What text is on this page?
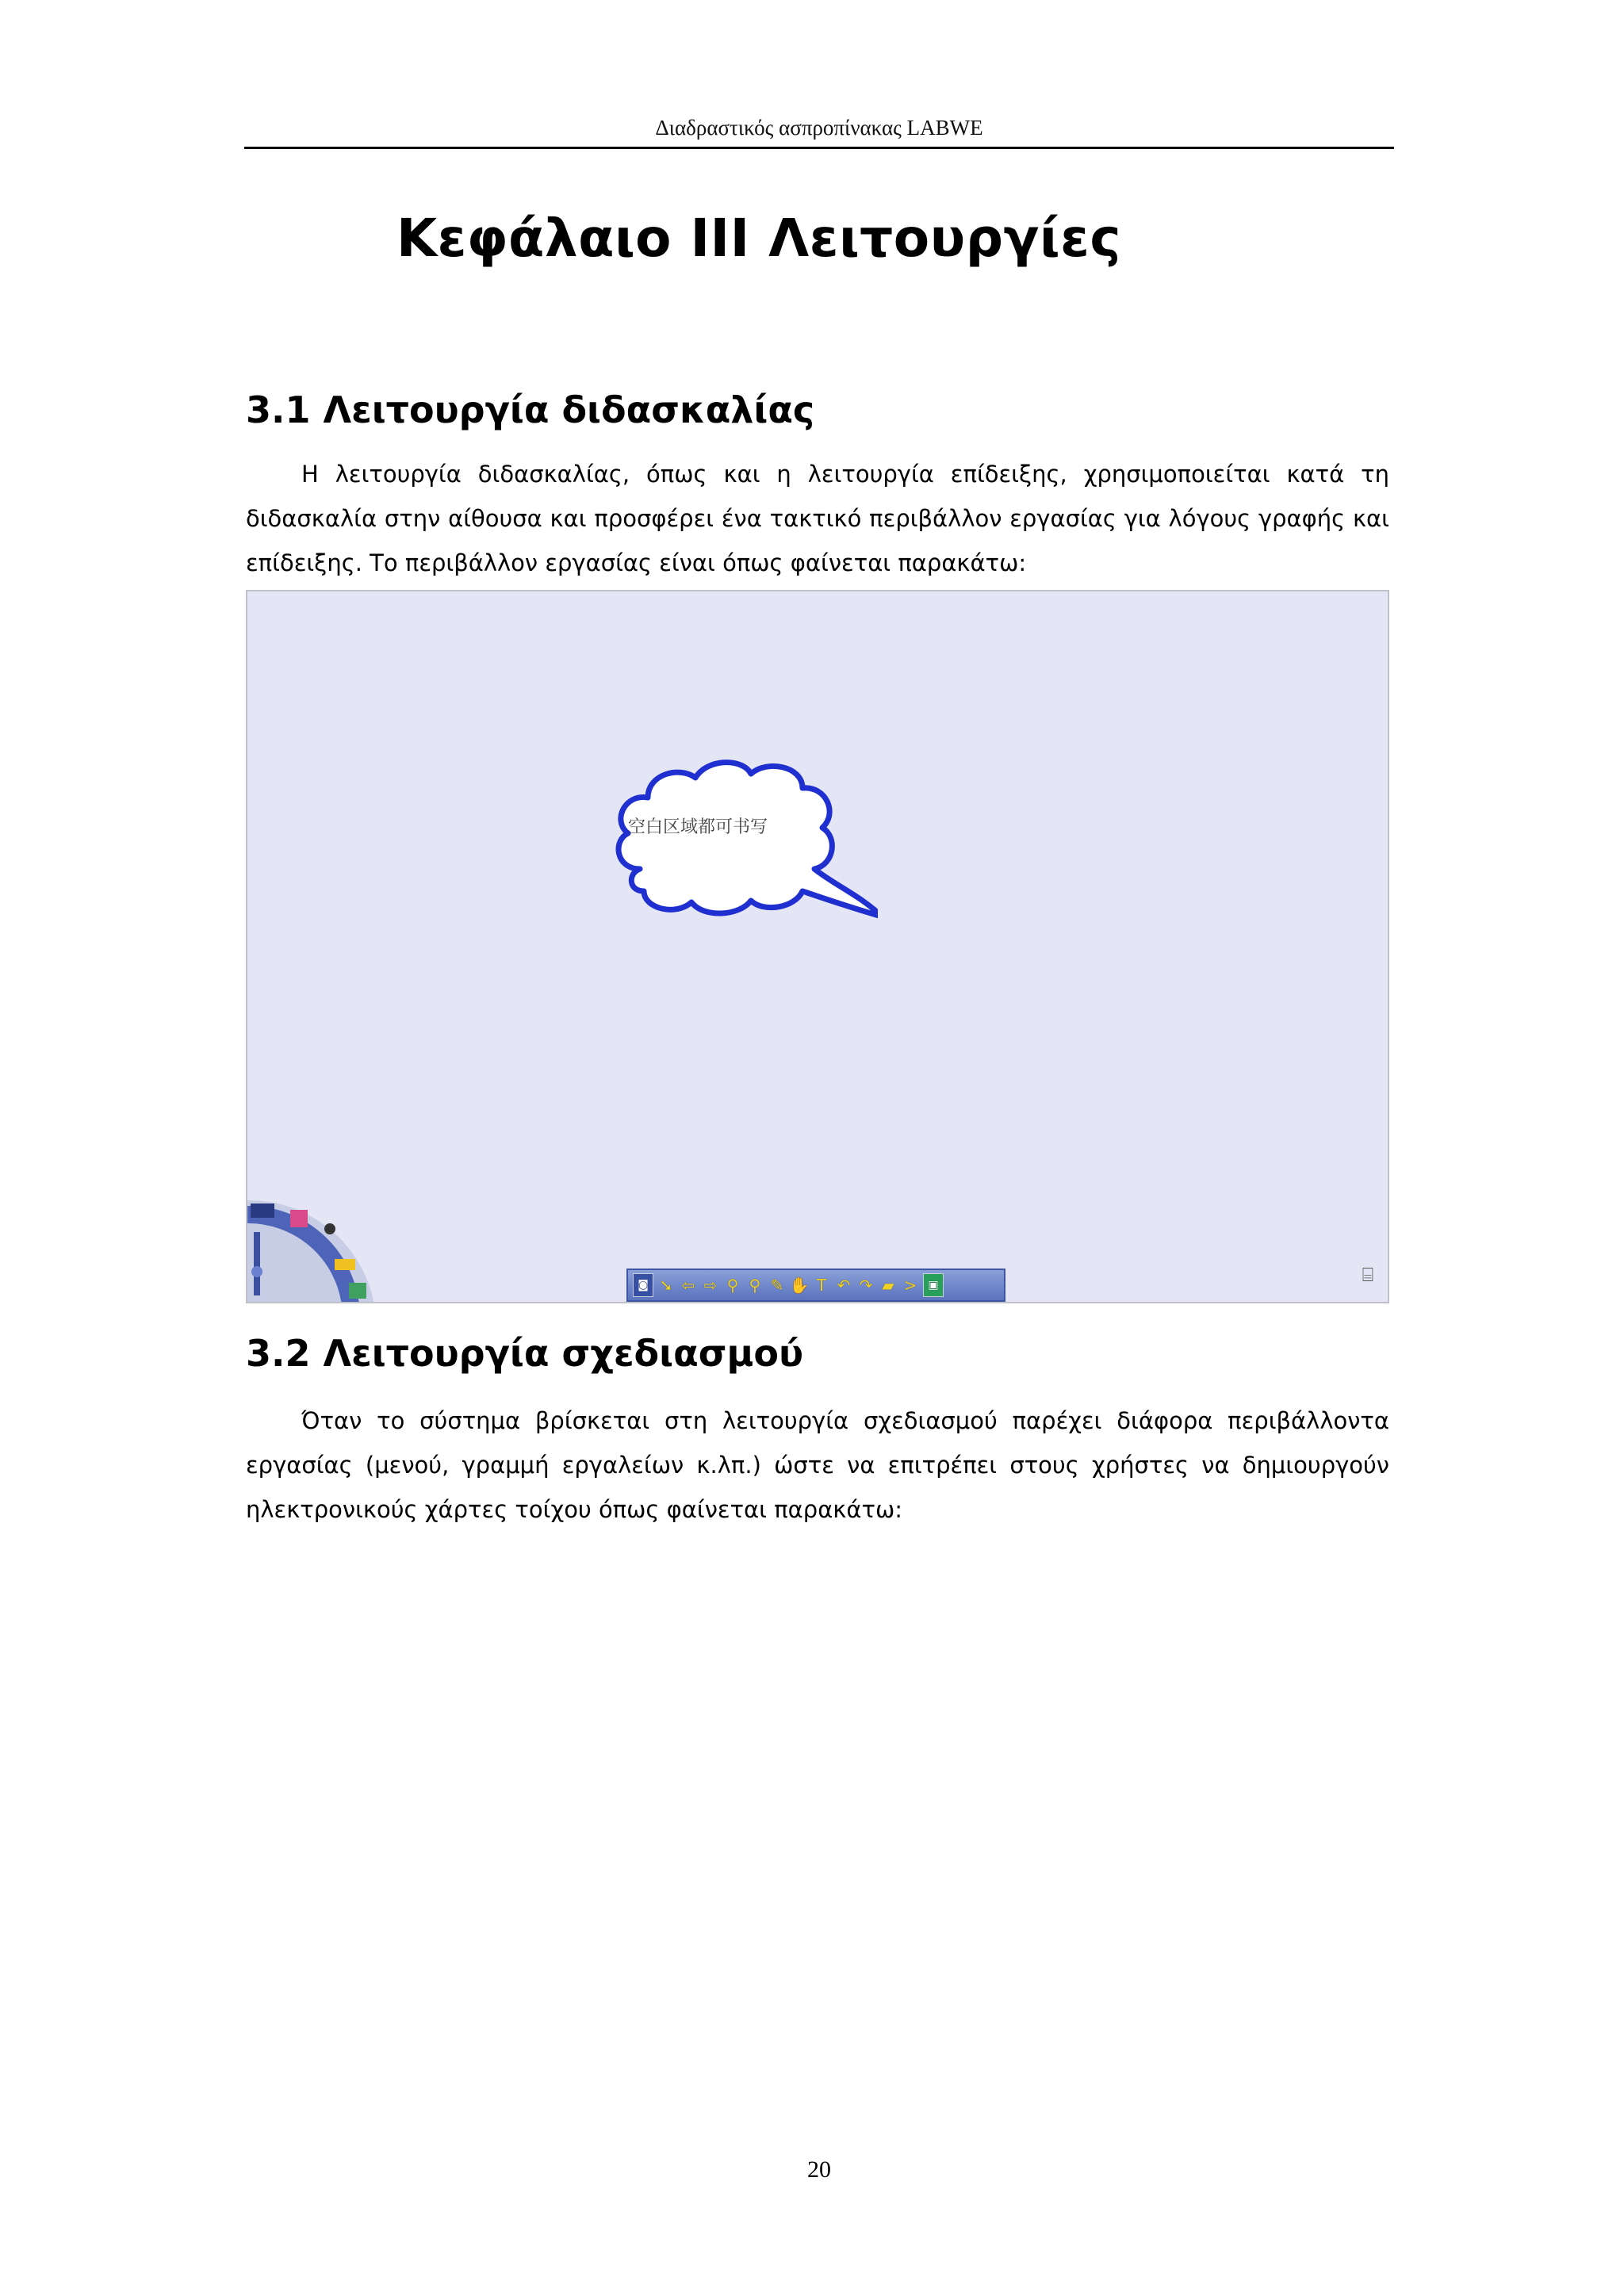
Διαδραστικός ασπροπίνακας LABWE
Κεφάλαιο ΙΙΙ Λειτουργίες
3.1 Λειτουργία διδασκαλίας

Η λειτουργία διδασκαλίας, όπως και η λειτουργία επίδειξης, χρησιμοποιείται κατά τη διδασκαλία στην αίθουσα και προσφέρει ένα τακτικό περιβάλλον εργασίας για λόγους γραφής και επίδειξης. Το περιβάλλον εργασίας είναι όπως φαίνεται παρακάτω:

空白区域都可书写
◙ ➘ ⇦ ⇨ ⚲ ⚲ ✎ ✋ T ↶ ↷ ▰ >	▣	⌸
3.2 Λειτουργία σχεδιασμού

Όταν το σύστημα βρίσκεται στη λειτουργία σχεδιασμού παρέχει διάφορα περιβάλλοντα εργασίας (μενού, γραμμή εργαλείων κ.λπ.) ώστε να επιτρέπει στους χρήστες να δημιουργούν ηλεκτρονικούς χάρτες τοίχου όπως φαίνεται παρακάτω:

20
